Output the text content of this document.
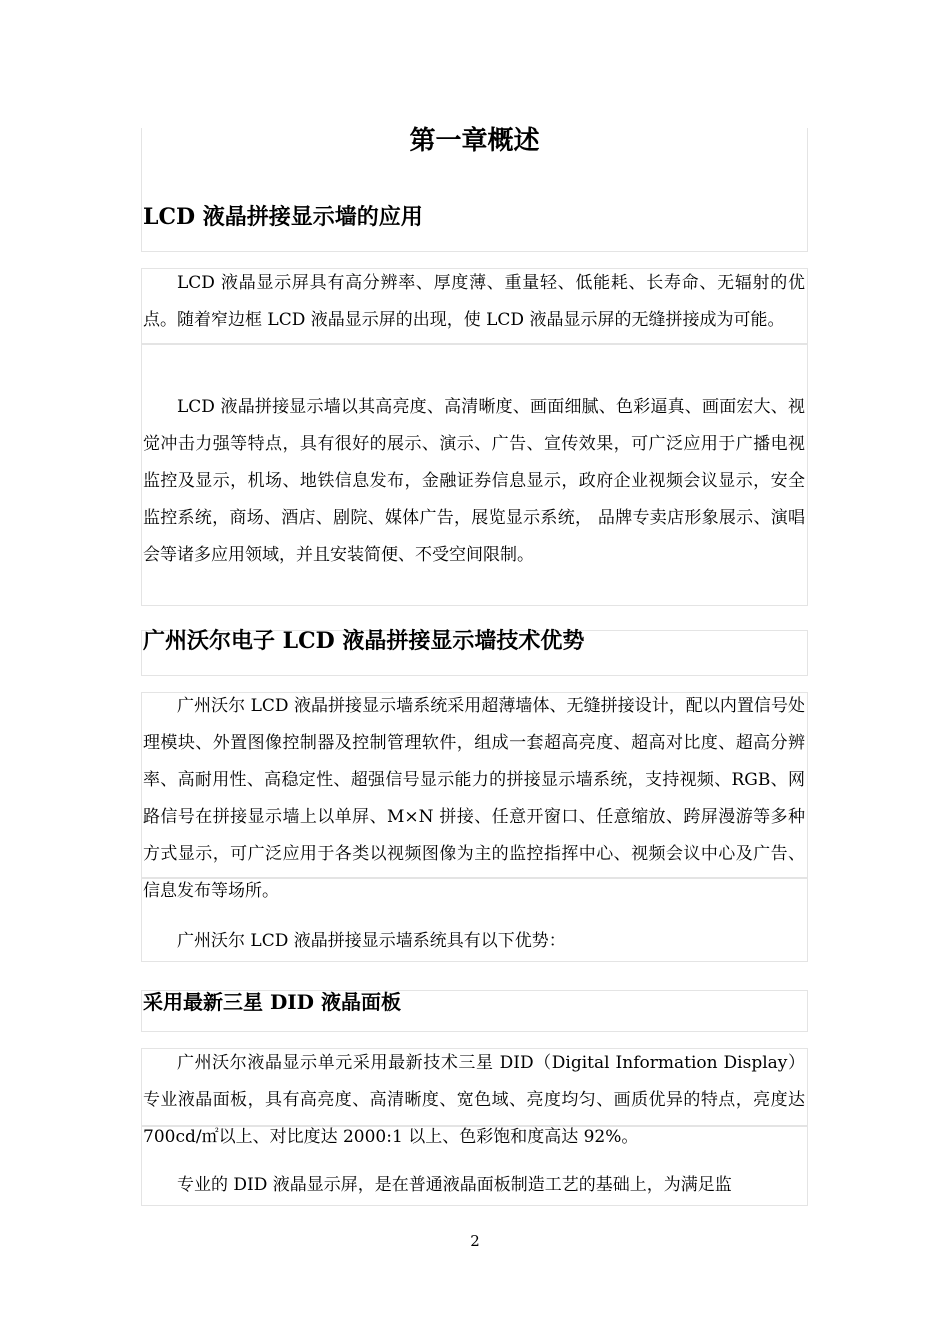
第一章概述
LCD 液晶拼接显示墙的应用

LCD 液晶显示屏具有高分辨率、厚度薄、重量轻、低能耗、长寿命、无辐射的优点。随着窄边框 LCD 液晶显示屏的出现，使 LCD 液晶显示屏的无缝拼接成为可能。

LCD 液晶拼接显示墙以其高亮度、高清晰度、画面细腻、色彩逼真、画面宏大、视觉冲击力强等特点，具有很好的展示、演示、广告、宣传效果，可广泛应用于广播电视监控及显示，机场、地铁信息发布，金融证券信息显示，政府企业视频会议显示，安全监控系统，商场、酒店、剧院、媒体广告，展览显示系统， 品牌专卖店形象展示、演唱会等诸多应用领域，并且安装简便、不受空间限制。

广州沃尔电子 LCD 液晶拼接显示墙技术优势

广州沃尔 LCD 液晶拼接显示墙系统采用超薄墙体、无缝拼接设计，配以内置信号处理模块、外置图像控制器及控制管理软件，组成一套超高亮度、超高对比度、超高分辨率、高耐用性、高稳定性、超强信号显示能力的拼接显示墙系统，支持视频、RGB、网路信号在拼接显示墙上以单屏、M×N 拼接、任意开窗口、任意缩放、跨屏漫游等多种方式显示，可广泛应用于各类以视频图像为主的监控指挥中心、视频会议中心及广告、信息发布等场所。

广州沃尔 LCD 液晶拼接显示墙系统具有以下优势：

采用最新三星 DID 液晶面板

广州沃尔液晶显示单元采用最新技术三星 DID（Digital Information Display）专业液晶面板，具有高亮度、高清晰度、宽色域、亮度均匀、画质优异的特点，亮度达 700cd/㎡以上、对比度达 2000:1 以上、色彩饱和度高达 92%。

专业的 DID 液晶显示屏，是在普通液晶面板制造工艺的基础上，为满足监

2
